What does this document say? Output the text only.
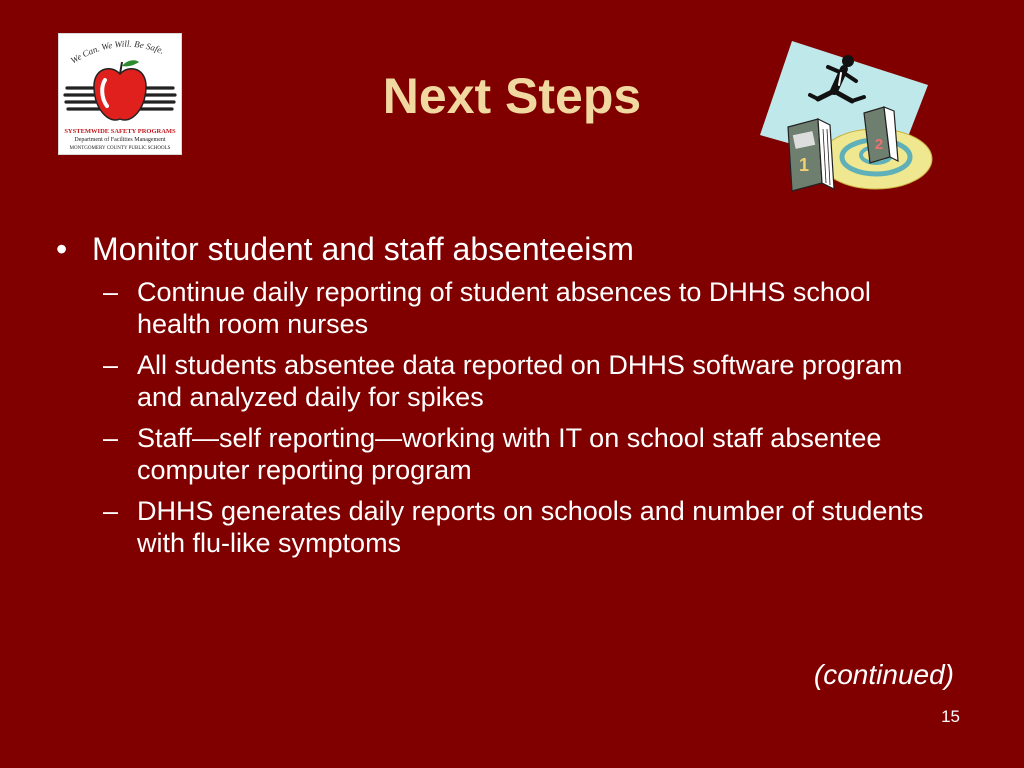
We Can. We Will. Be Safe.
SYSTEMWIDE SAFETY PROGRAMS
Department of Facilities Management
MONTGOMERY COUNTY PUBLIC SCHOOLS
Next Steps
1
2
• Monitor student and staff absenteeism
– Continue daily reporting of student absences to DHHS school health room nurses
– All students absentee data reported on DHHS software program and analyzed daily for spikes
– Staff—self reporting—working with IT on school staff absentee computer reporting program
– DHHS generates daily reports on schools and number of students with flu-like symptoms
(continued)
15
